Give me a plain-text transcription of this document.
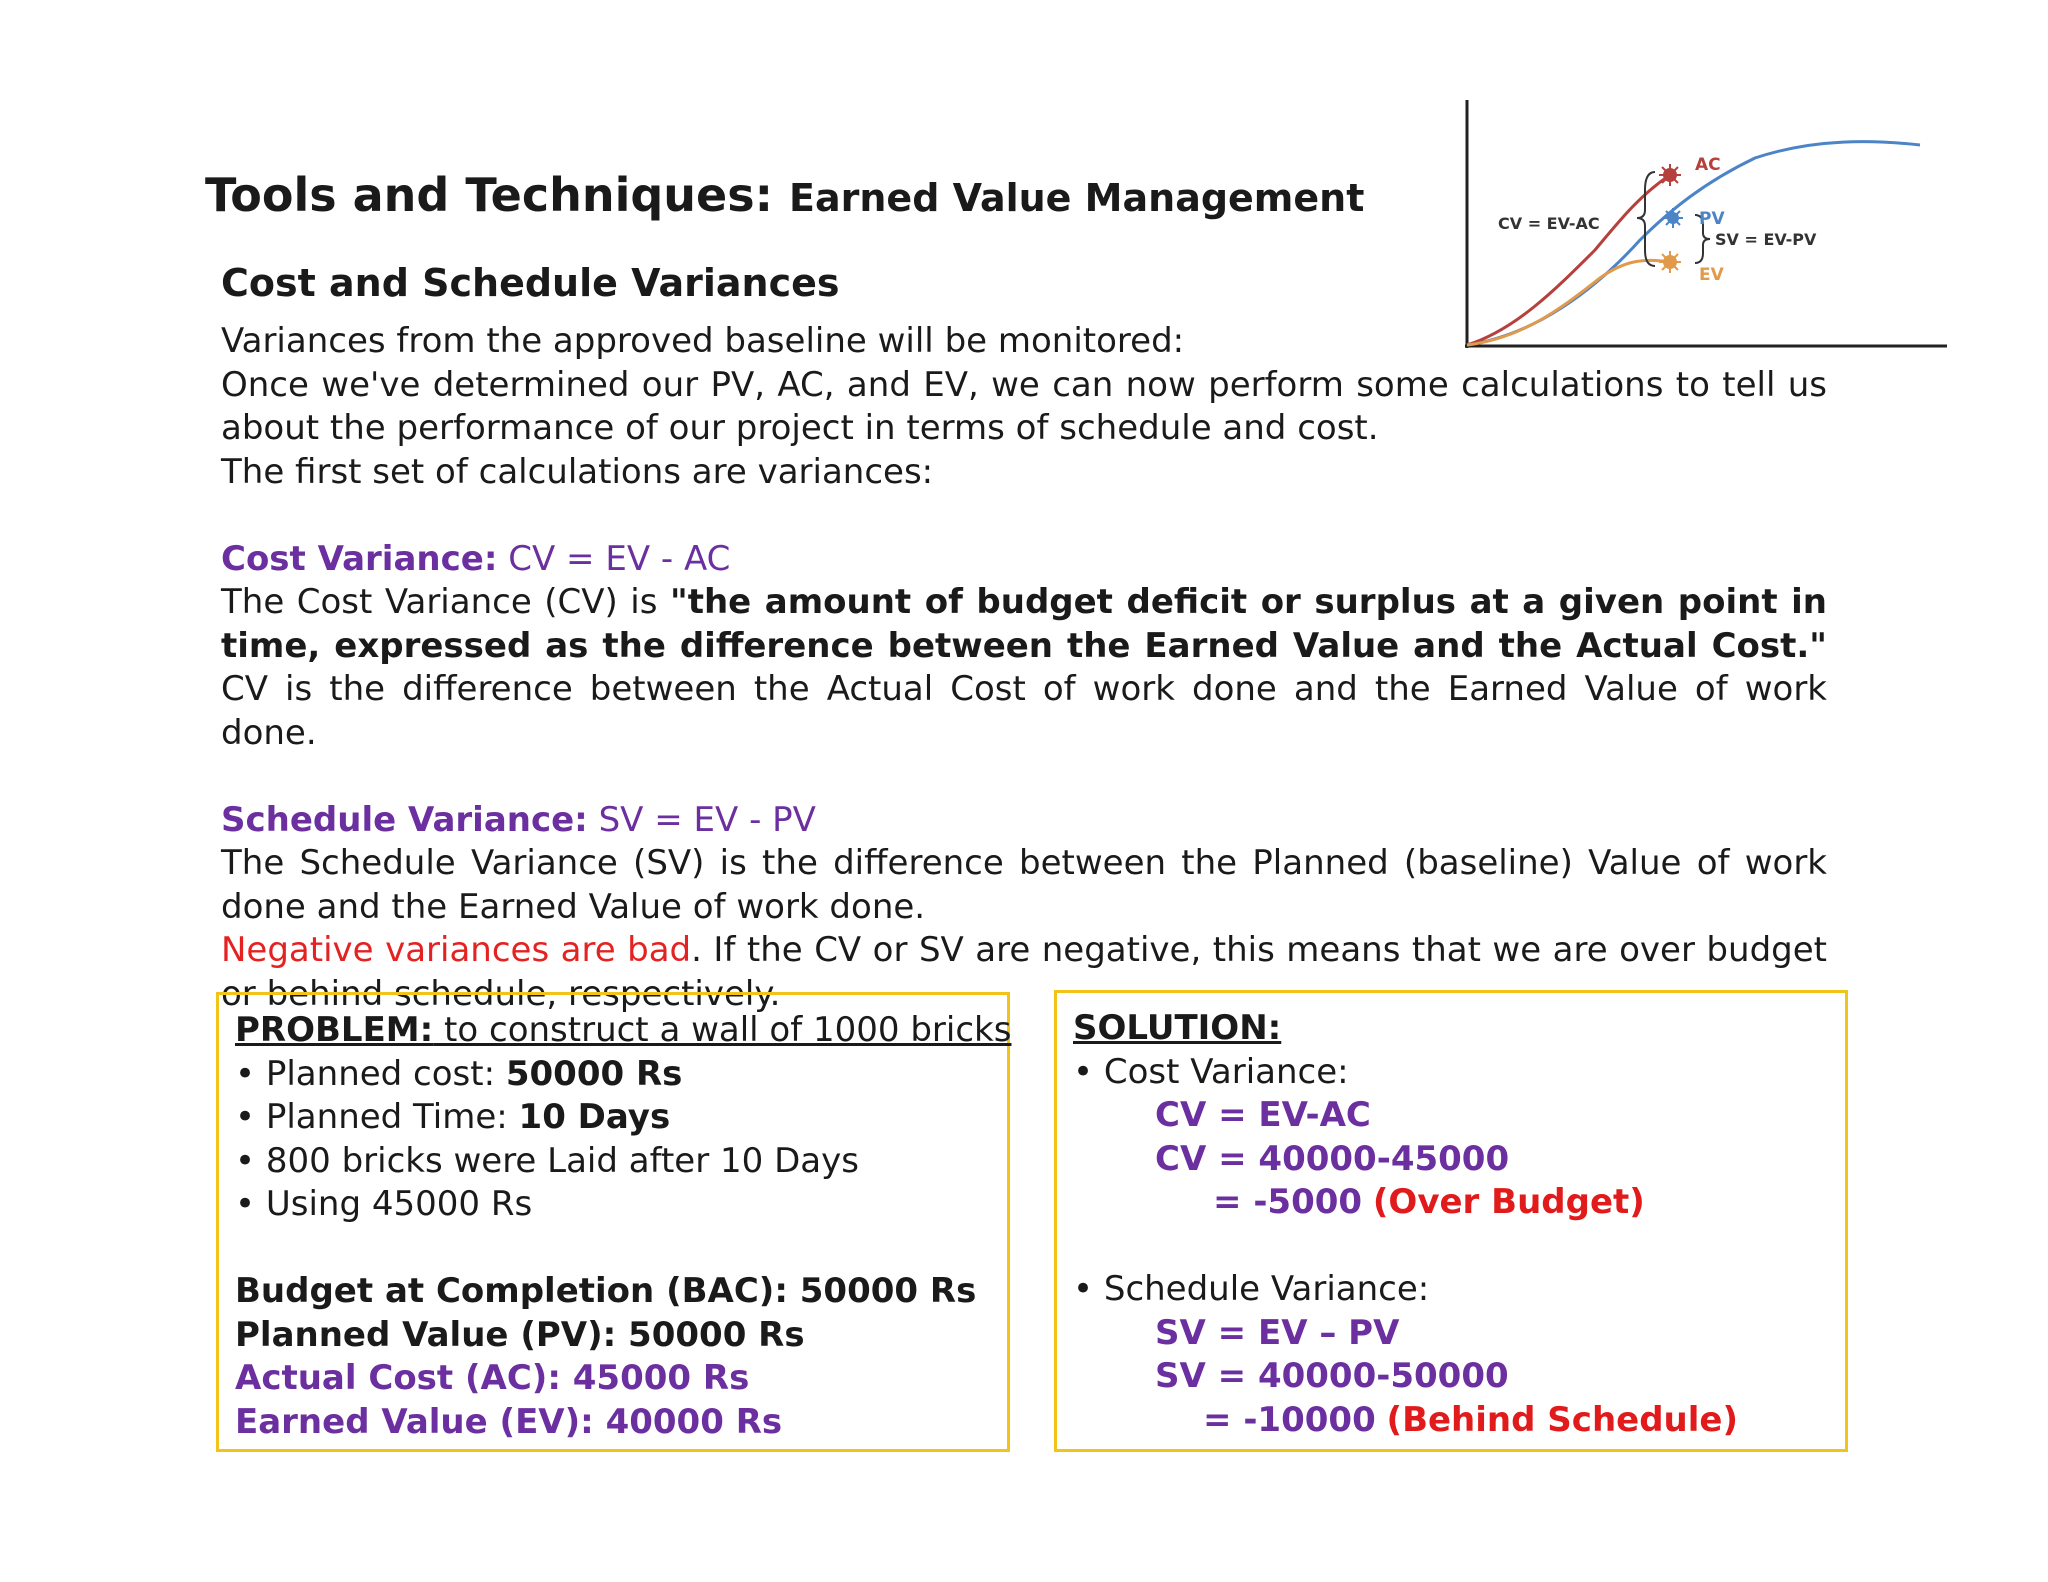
Tools and Techniques: Earned Value Management
Cost and Schedule Variances

Variances from the approved baseline will be monitored:

Once we've determined our PV, AC, and EV, we can now perform some calculations to tell us about the performance of our project in terms of schedule and cost.

The first set of calculations are variances:

Cost Variance: CV = EV - AC

The Cost Variance (CV) is "the amount of budget deficit or surplus at a given point in time, expressed as the difference between the Earned Value and the Actual Cost." CV is the difference between the Actual Cost of work done and the Earned Value of work done.

Schedule Variance: SV = EV - PV

The Schedule Variance (SV) is the difference between the Planned (baseline) Value of work done and the Earned Value of work done.

Negative variances are bad. If the CV or SV are negative, this means that we are over budget or behind schedule, respectively.

AC
PV
EV
CV = EV-AC
SV = EV-PV

PROBLEM: to construct a wall of 1000 bricks

• Planned cost: 50000 Rs

• Planned Time: 10 Days

• 800 bricks were Laid after 10 Days

• Using 45000 Rs

Budget at Completion (BAC): 50000 Rs

Planned Value (PV): 50000 Rs

Actual Cost (AC): 45000 Rs

Earned Value (EV): 40000 Rs

SOLUTION:

• Cost Variance:

CV = EV-AC

CV = 40000-45000

= -5000 (Over Budget)

• Schedule Variance:

SV = EV – PV

SV = 40000-50000

= -10000 (Behind Schedule)
